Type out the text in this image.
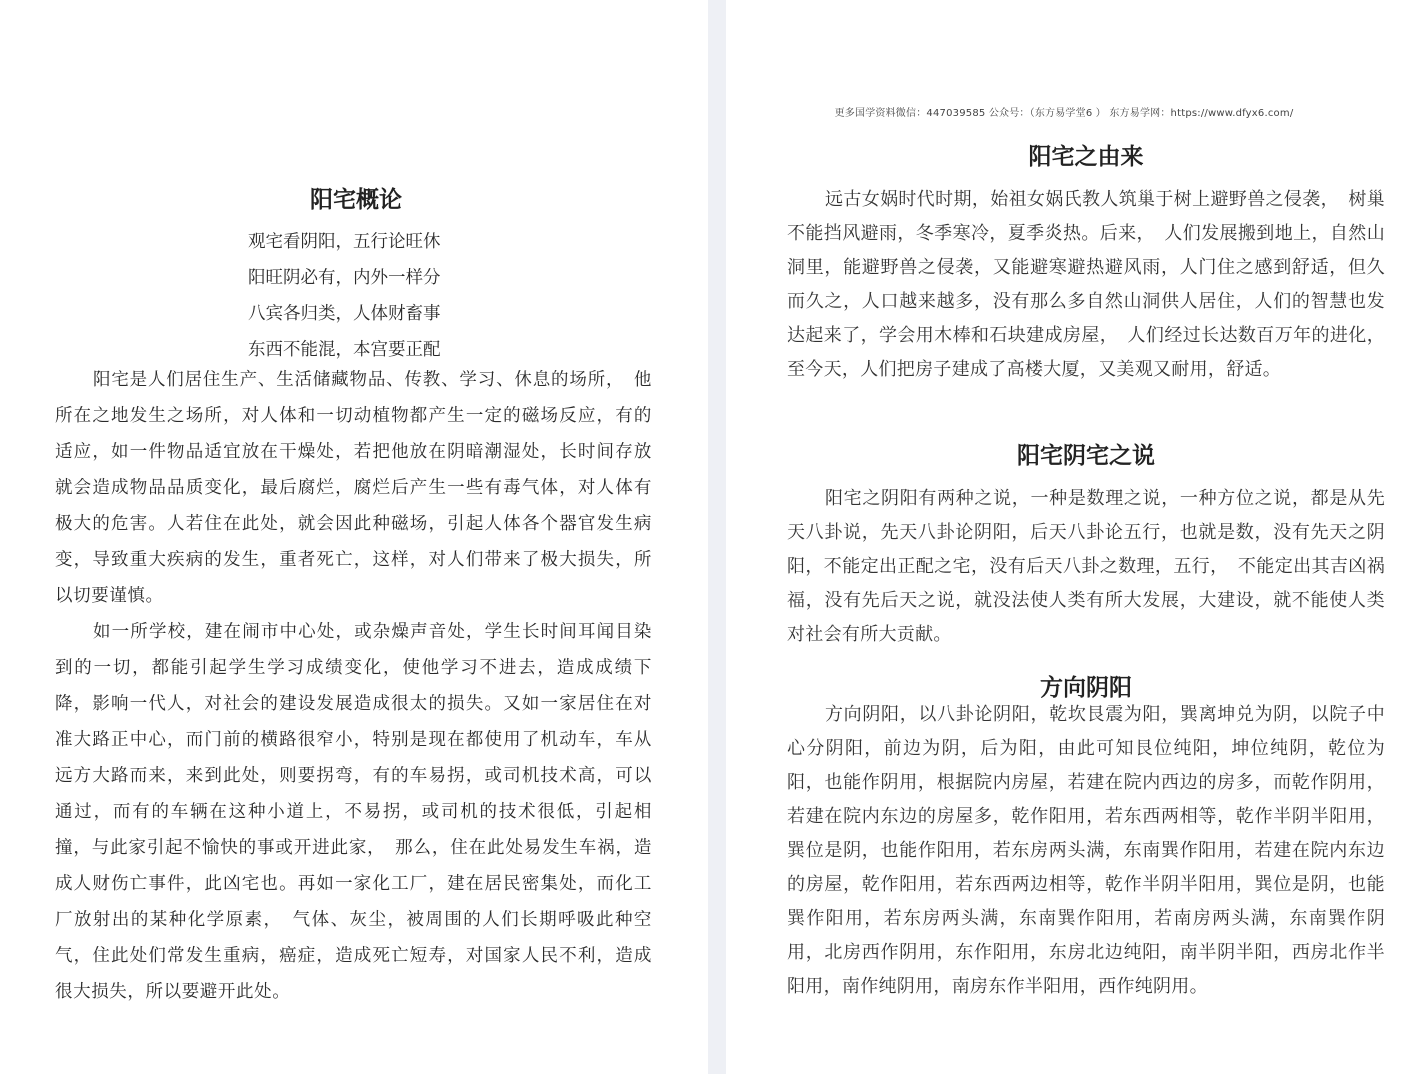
阳宅概论
观宅看阴阳，五行论旺休
阳旺阴必有，内外一样分
八宾各归类，人体财畜事
东西不能混，本宫要正配

阳宅是人们居住生产、生活储藏物品、传教、学习、休息的场所，　他所在之地发生之场所，对人体和一切动植物都产生一定的磁场反应，有的适应，如一件物品适宜放在干燥处，若把他放在阴暗潮湿处，长时间存放就会造成物品品质变化，最后腐烂，腐烂后产生一些有毒气体，对人体有极大的危害。人若住在此处，就会因此种磁场，引起人体各个器官发生病变，导致重大疾病的发生，重者死亡，这样，对人们带来了极大损失，所以切要谨慎。

如一所学校，建在闹市中心处，或杂燥声音处，学生长时间耳闻目染到的一切，都能引起学生学习成绩变化，使他学习不进去，造成成绩下降，影响一代人，对社会的建设发展造成很太的损失。又如一家居住在对准大路正中心，而门前的横路很窄小，特别是现在都使用了机动车，车从远方大路而来，来到此处，则要拐弯，有的车易拐，或司机技术高，可以通过，而有的车辆在这种小道上，不易拐，或司机的技术很低，引起相撞，与此家引起不愉快的事或开进此家，　那么，住在此处易发生车祸，造成人财伤亡事件，此凶宅也。再如一家化工厂，建在居民密集处，而化工厂放射出的某种化学原素，　气体、灰尘，被周围的人们长期呼吸此种空气，住此处们常发生重病，癌症，造成死亡短寿，对国家人民不利，造成很大损失，所以要避开此处。

更多国学资料微信：447039585 公众号：（东方易学堂6 ） 东方易学网：https://www.dfyx6.com/
阳宅之由来

远古女娲时代时期，始祖女娲氏教人筑巢于树上避野兽之侵袭，　树巢不能挡风避雨，冬季寒冷，夏季炎热。后来，　人们发展搬到地上，自然山洞里，能避野兽之侵袭，又能避寒避热避风雨，人门住之感到舒适，但久而久之，人口越来越多，没有那么多自然山洞供人居住，人们的智慧也发达起来了，学会用木棒和石块建成房屋，　人们经过长达数百万年的进化，至今天，人们把房子建成了高楼大厦，又美观又耐用，舒适。

阳宅阴宅之说

阳宅之阴阳有两种之说，一种是数理之说，一种方位之说，都是从先天八卦说，先天八卦论阴阳，后天八卦论五行，也就是数，没有先天之阴阳，不能定出正配之宅，没有后天八卦之数理，五行，　不能定出其吉凶祸福，没有先后天之说，就没法使人类有所大发展，大建设，就不能使人类对社会有所大贡献。

方向阴阳

方向阴阳，以八卦论阴阳，乾坎艮震为阳，巽离坤兑为阴，以院子中心分阴阳，前边为阴，后为阳，由此可知艮位纯阳，坤位纯阴，乾位为阳，也能作阴用，根据院内房屋，若建在院内西边的房多，而乾作阴用，若建在院内东边的房屋多，乾作阳用，若东西两相等，乾作半阴半阳用，巽位是阴，也能作阳用，若东房两头满，东南巽作阳用，若建在院内东边的房屋，乾作阳用，若东西两边相等，乾作半阴半阳用，巽位是阴，也能巽作阳用，若东房两头满，东南巽作阳用，若南房两头满，东南巽作阴用，北房西作阴用，东作阳用，东房北边纯阳，南半阴半阳，西房北作半阳用，南作纯阴用，南房东作半阳用，西作纯阴用。
